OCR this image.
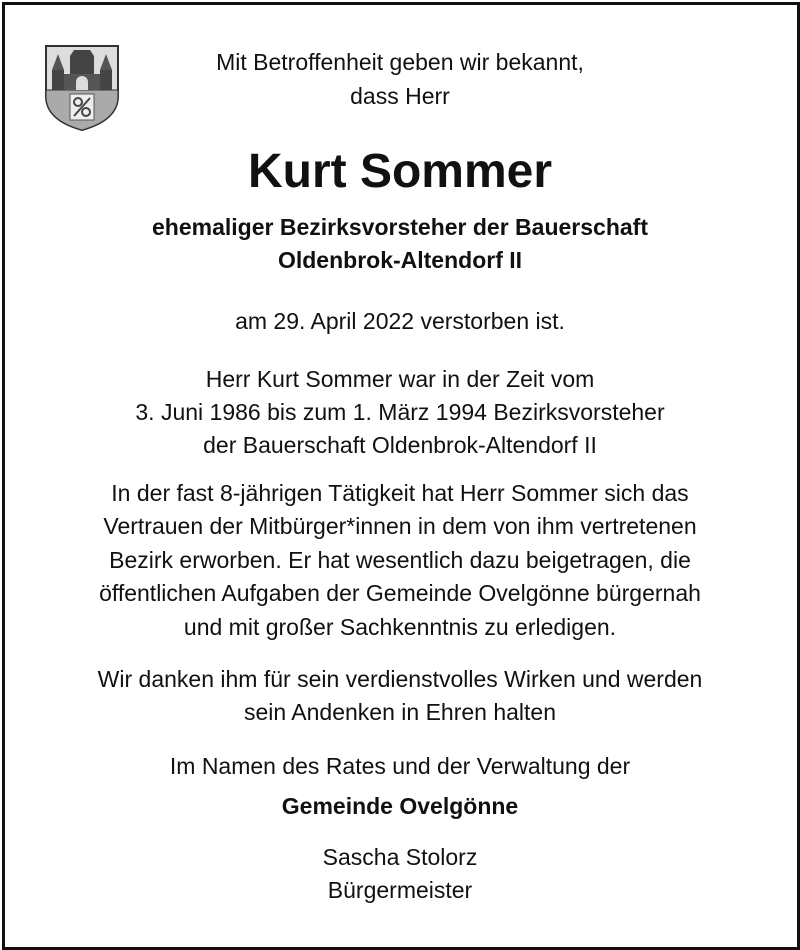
Mit Betroffenheit geben wir bekannt,
dass Herr
Kurt Sommer
ehemaliger Bezirksvorsteher der Bauerschaft
Oldenbrok-Altendorf II
am 29. April 2022 verstorben ist.
Herr Kurt Sommer war in der Zeit vom
3. Juni 1986 bis zum 1. März 1994 Bezirksvorsteher
der Bauerschaft Oldenbrok-Altendorf II
In der fast 8-jährigen Tätigkeit hat Herr Sommer sich das
Vertrauen der Mitbürger*innen in dem von ihm vertretenen
Bezirk erworben. Er hat wesentlich dazu beigetragen, die
öffentlichen Aufgaben der Gemeinde Ovelgönne bürgernah
und mit großer Sachkenntnis zu erledigen.
Wir danken ihm für sein verdienstvolles Wirken und werden
sein Andenken in Ehren halten
Im Namen des Rates und der Verwaltung der
Gemeinde Ovelgönne
Sascha Stolorz
Bürgermeister
